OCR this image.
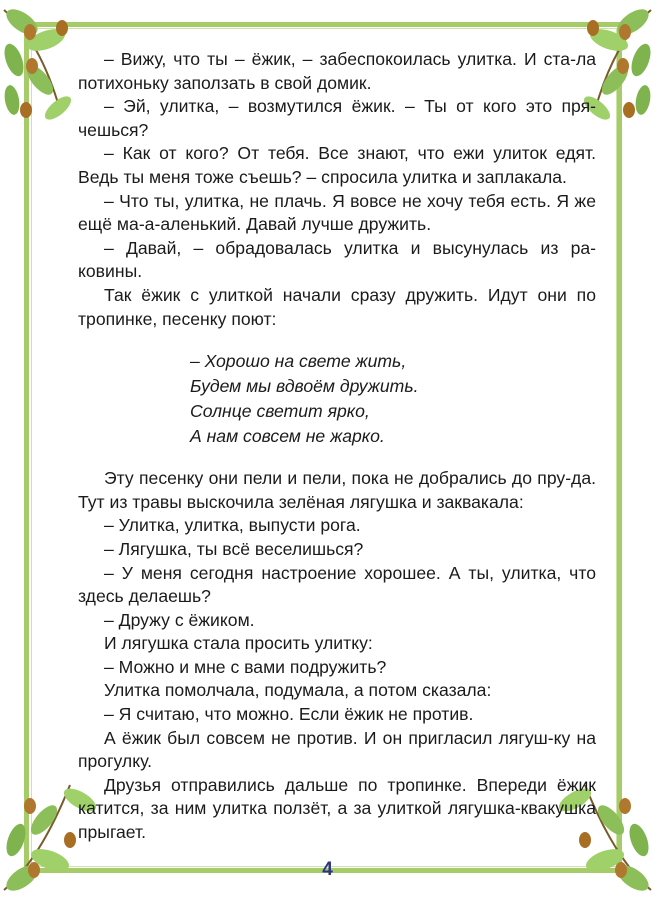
– Вижу, что ты – ёжик, – забеспокоилась улитка. И ста-ла потихоньку заползать в свой домик.

– Эй, улитка, – возмутился ёжик. – Ты от кого это пря-чешься?

– Как от кого? От тебя. Все знают, что ежи улиток едят. Ведь ты меня тоже съешь? – спросила улитка и заплакала.

– Что ты, улитка, не плачь. Я вовсе не хочу тебя есть. Я же ещё ма-а-аленький. Давай лучше дружить.

– Давай, – обрадовалась улитка и высунулась из ра-ковины.

Так ёжик с улиткой начали сразу дружить. Идут они по тропинке, песенку поют:

– Хорошо на свете жить,
Будем мы вдвоём дружить.
Солнце светит ярко,
А нам совсем не жарко.

Эту песенку они пели и пели, пока не добрались до пру-да. Тут из травы выскочила зелёная лягушка и заквакала:

– Улитка, улитка, выпусти рога.

– Лягушка, ты всё веселишься?

– У меня сегодня настроение хорошее. А ты, улитка, что здесь делаешь?

– Дружу с ёжиком.

И лягушка стала просить улитку:

– Можно и мне с вами подружить?

Улитка помолчала, подумала, а потом сказала:

– Я считаю, что можно. Если ёжик не против.

А ёжик был совсем не против. И он пригласил лягуш-ку на прогулку.

Друзья отправились дальше по тропинке. Впереди ёжик катится, за ним улитка ползёт, а за улиткой лягушка-квакушка прыгает.

4
